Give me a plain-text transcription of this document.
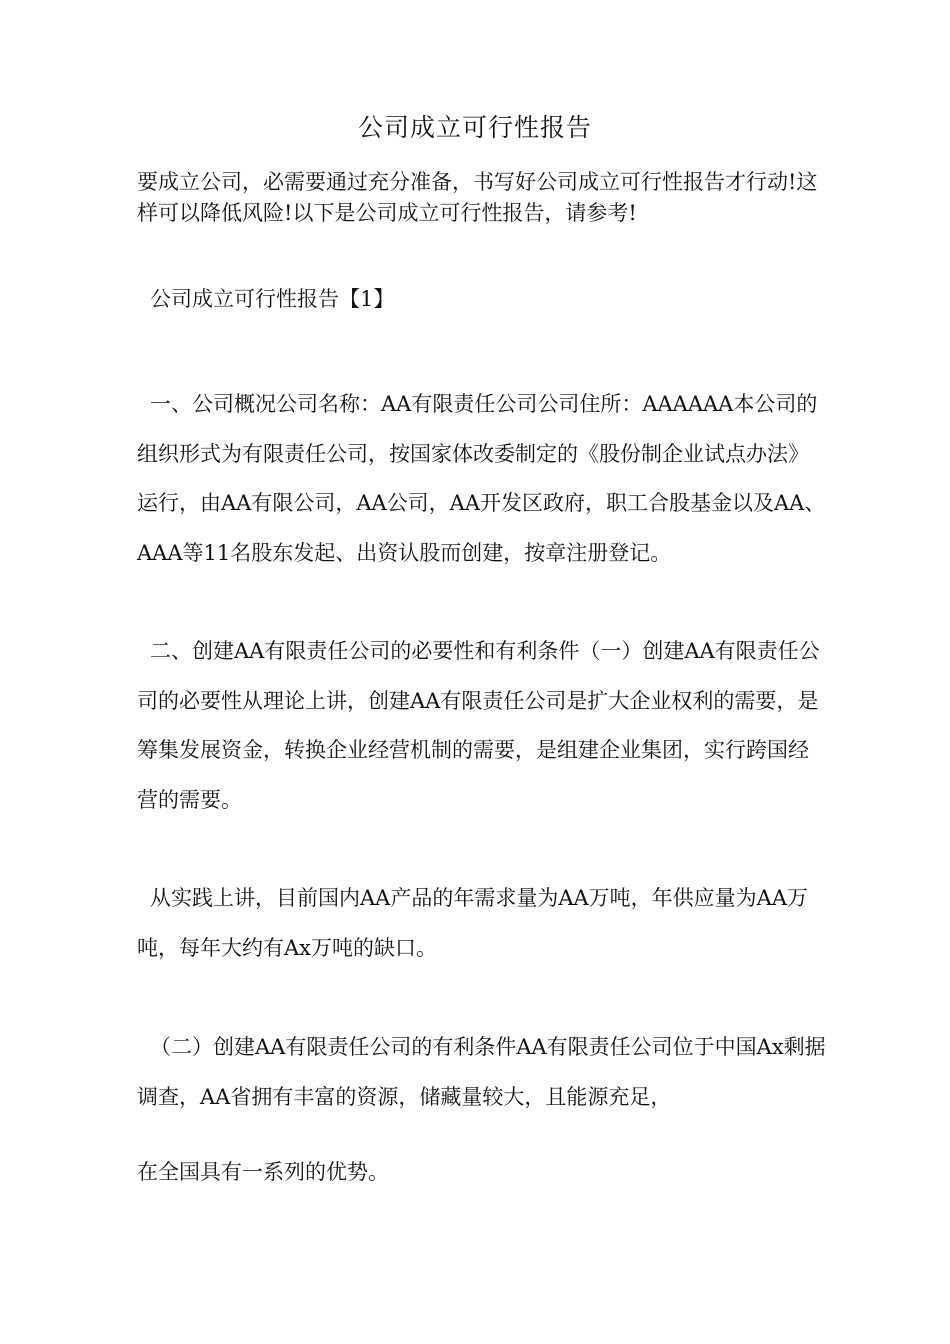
公司成立可行性报告

要成立公司，必需要通过充分准备，书写好公司成立可行性报告才行动!这样可以降低风险!以下是公司成立可行性报告，请参考!

公司成立可行性报告【1】

一、公司概况公司名称：AA有限责任公司公司住所：AAAAAA本公司的组织形式为有限责任公司，按国家体改委制定的《股份制企业试点办法》运行，由AA有限公司，AA公司，AA开发区政府，职工合股基金以及AA、AAA等11名股东发起、出资认股而创建，按章注册登记。

二、创建AA有限责任公司的必要性和有利条件（一）创建AA有限责任公司的必要性从理论上讲，创建AA有限责任公司是扩大企业权利的需要，是筹集发展资金，转换企业经营机制的需要，是组建企业集团，实行跨国经营的需要。

从实践上讲，目前国内AA产品的年需求量为AA万吨，年供应量为AA万吨，每年大约有Ax万吨的缺口。

（二）创建AA有限责任公司的有利条件AA有限责任公司位于中国Ax剩据调查，AA省拥有丰富的资源，储藏量较大，且能源充足，

在全国具有一系列的优势。
